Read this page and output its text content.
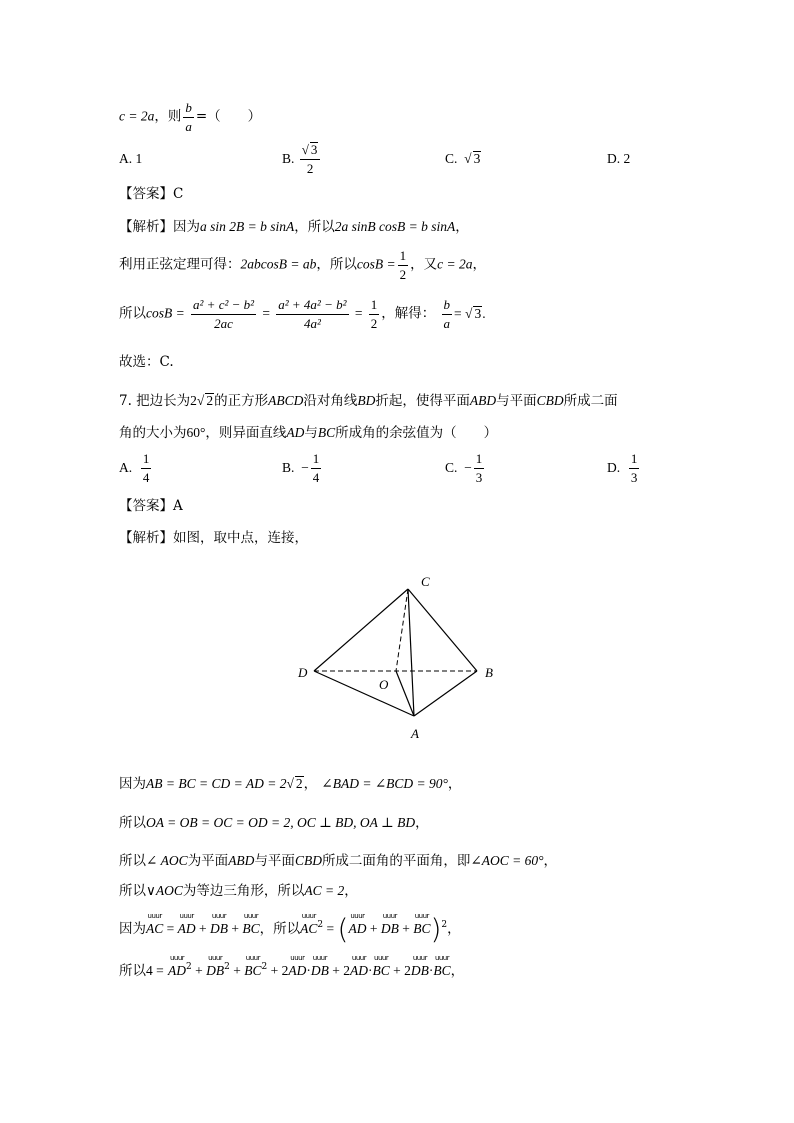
c = 2a，则 $\frac{b}{a}$ =（　　）
A. 1	B. $\frac{√ 3}{2}$	C.  √ 3	D. 2
【答案】C
【解析】因为a sin 2B = b sinA，所以2a sinB cosB = b sinA，
利用正弦定理可得：2abcosB = ab，所以$\cos B = \frac{1}{2}$ ，又c = 2a，
所以$\cos B = \frac{\text{a² + c² − b²}}{2ac} = \frac{\text{a² + 4a² − b²}}{\text{4a²}} = \frac{1}{2}$ ，解得： $\frac{b}{a}$ = √ 3.
故选：C.
7. 把边长为2√ 2的正方形ABCD沿对角线BD折起，使得平面ABD与平面CBD所成二面
角的大小为60°，则异面直线AD与BC所成角的余弦值为（　　）
A. $\frac{1}{4}$	B. − $\frac{1}{4}$	C. − $\frac{1}{3}$	D. $\frac{1}{3}$
【答案】A
【解析】如图，取中点，连接，
C
D	B
O
A
因为AB = BC = CD = AD = 2√ 2， ∠BAD = ∠BCD = 90°，
所以OA = OB = OC = OD = 2, OC ⊥ BD, OA ⊥ BD，
所以∠ AOC为平面ABD与平面CBD所成二面角的平面角，即∠AOC = 60°，
所以∨AOC为等边三角形，所以AC = 2，
因为uuur AC = uuur AD + uuur DB + uuur BC，所以uuur $AC^2$ = (uuur AD + uuur DB + uuur BC)$^2$，
所以4 = uuur $AD^2$ + uuur $DB^2$ + uuur $BC^2$ + 2uuur AD·uuur DB + 2uuur AD·uuur BC + 2uuur DB·uuur BC，
